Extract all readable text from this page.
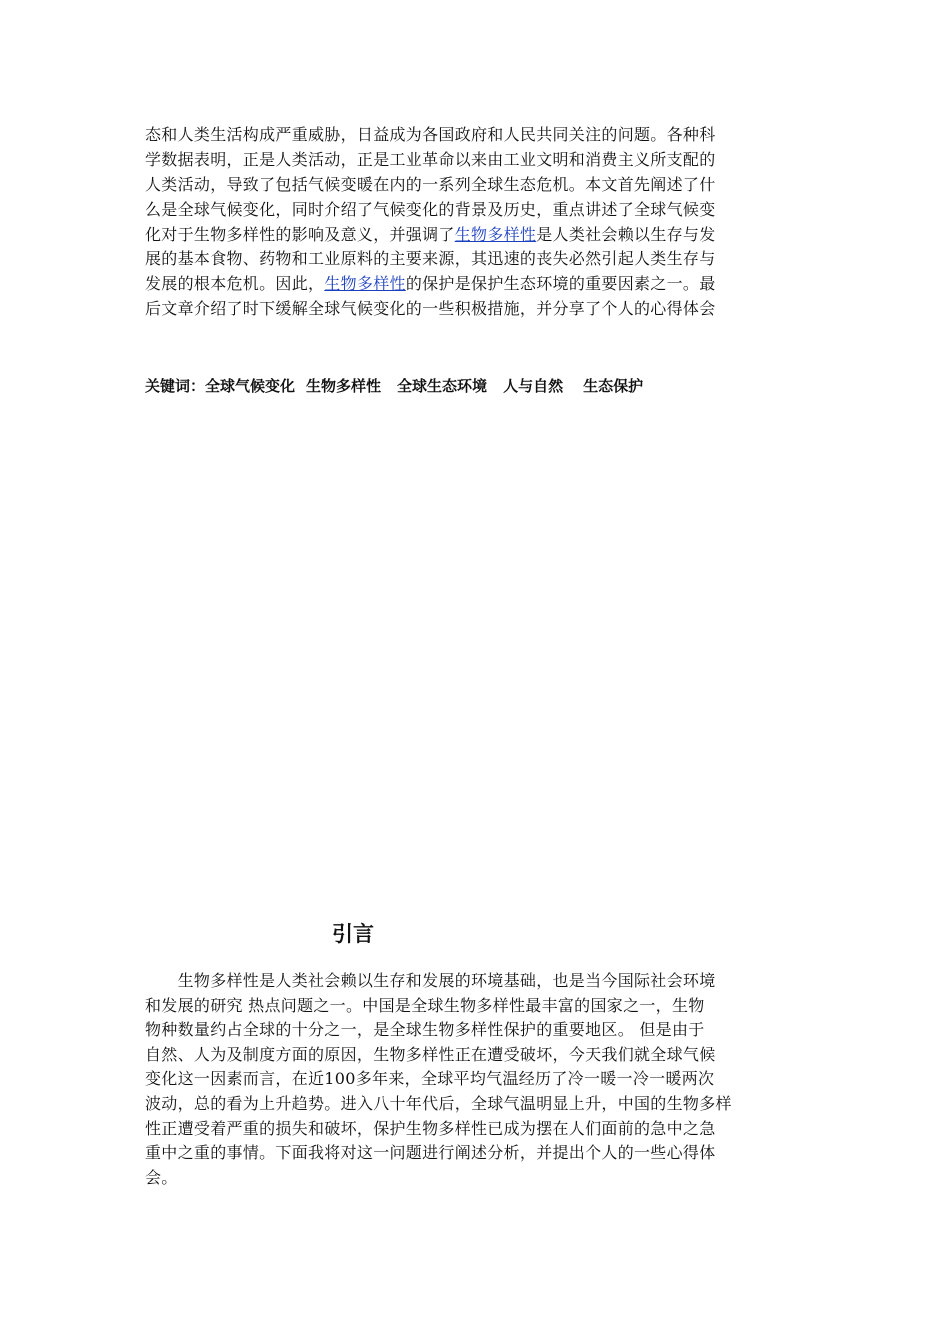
态和人类生活构成严重威胁，日益成为各国政府和人民共同关注的问题。各种科
学数据表明，正是人类活动，正是工业革命以来由工业文明和消费主义所支配的
人类活动，导致了包括气候变暖在内的一系列全球生态危机。本文首先阐述了什
么是全球气候变化，同时介绍了气候变化的背景及历史，重点讲述了全球气候变
化对于生物多样性的影响及意义，并强调了生物多样性是人类社会赖以生存与发
展的基本食物、药物和工业原料的主要来源，其迅速的丧失必然引起人类生存与
发展的根本危机。因此，生物多样性的保护是保护生态环境的重要因素之一。最
后文章介绍了时下缓解全球气候变化的一些积极措施，并分享了个人的心得体会
关键词：全球气候变化 生物多样性 全球生态环境 人与自然 生态保护
引言
　　生物多样性是人类社会赖以生存和发展的环境基础，也是当今国际社会环境
和发展的研究 热点问题之一。中国是全球生物多样性最丰富的国家之一，生物
物种数量约占全球的十分之一，是全球生物多样性保护的重要地区。 但是由于
自然、人为及制度方面的原因，生物多样性正在遭受破坏，今天我们就全球气候
变化这一因素而言，在近100多年来，全球平均气温经历了冷一暖一冷一暖两次
波动，总的看为上升趋势。进入八十年代后，全球气温明显上升，中国的生物多样
性正遭受着严重的损失和破坏，保护生物多样性已成为摆在人们面前的急中之急
重中之重的事情。下面我将对这一问题进行阐述分析，并提出个人的一些心得体
会。
